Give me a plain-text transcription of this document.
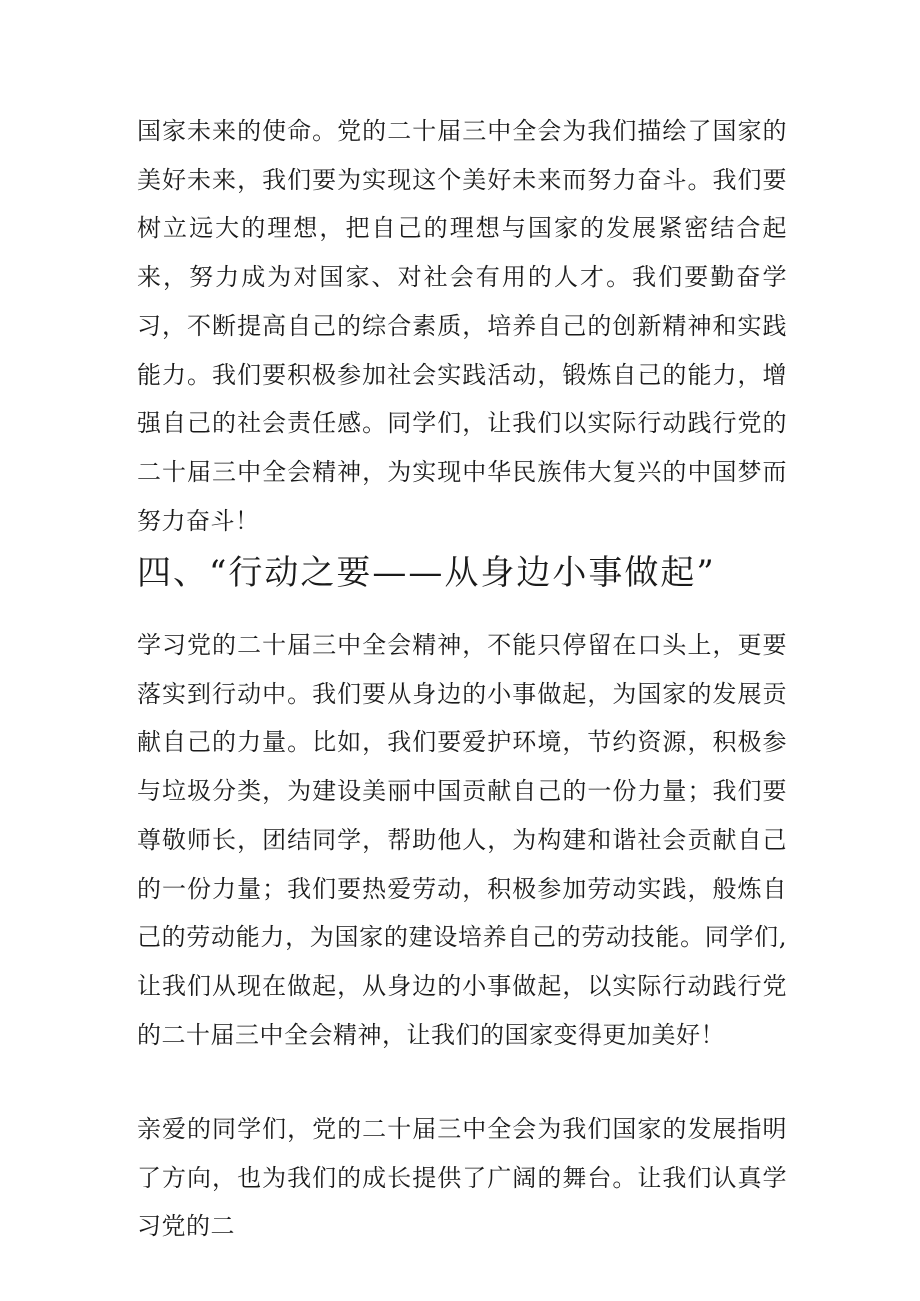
国家未来的使命。党的二十届三中全会为我们描绘了国家的美好未来，我们要为实现这个美好未来而努力奋斗。我们要树立远大的理想，把自己的理想与国家的发展紧密结合起来，努力成为对国家、对社会有用的人才。我们要勤奋学习，不断提高自己的综合素质，培养自己的创新精神和实践能力。我们要积极参加社会实践活动，锻炼自己的能力，增强自己的社会责任感。同学们，让我们以实际行动践行党的二十届三中全会精神，为实现中华民族伟大复兴的中国梦而努力奋斗！

四、“行动之要——从身边小事做起”

学习党的二十届三中全会精神，不能只停留在口头上，更要落实到行动中。我们要从身边的小事做起，为国家的发展贡献自己的力量。比如，我们要爱护环境，节约资源，积极参与垃圾分类，为建设美丽中国贡献自己的一份力量；我们要尊敬师长，团结同学，帮助他人，为构建和谐社会贡献自己的一份力量；我们要热爱劳动，积极参加劳动实践，般炼自己的劳动能力，为国家的建设培养自己的劳动技能。同学们,让我们从现在做起，从身边的小事做起，以实际行动践行党的二十届三中全会精神，让我们的国家变得更加美好！

亲爱的同学们，党的二十届三中全会为我们国家的发展指明了方向，也为我们的成长提供了广阔的舞台。让我们认真学习党的二
